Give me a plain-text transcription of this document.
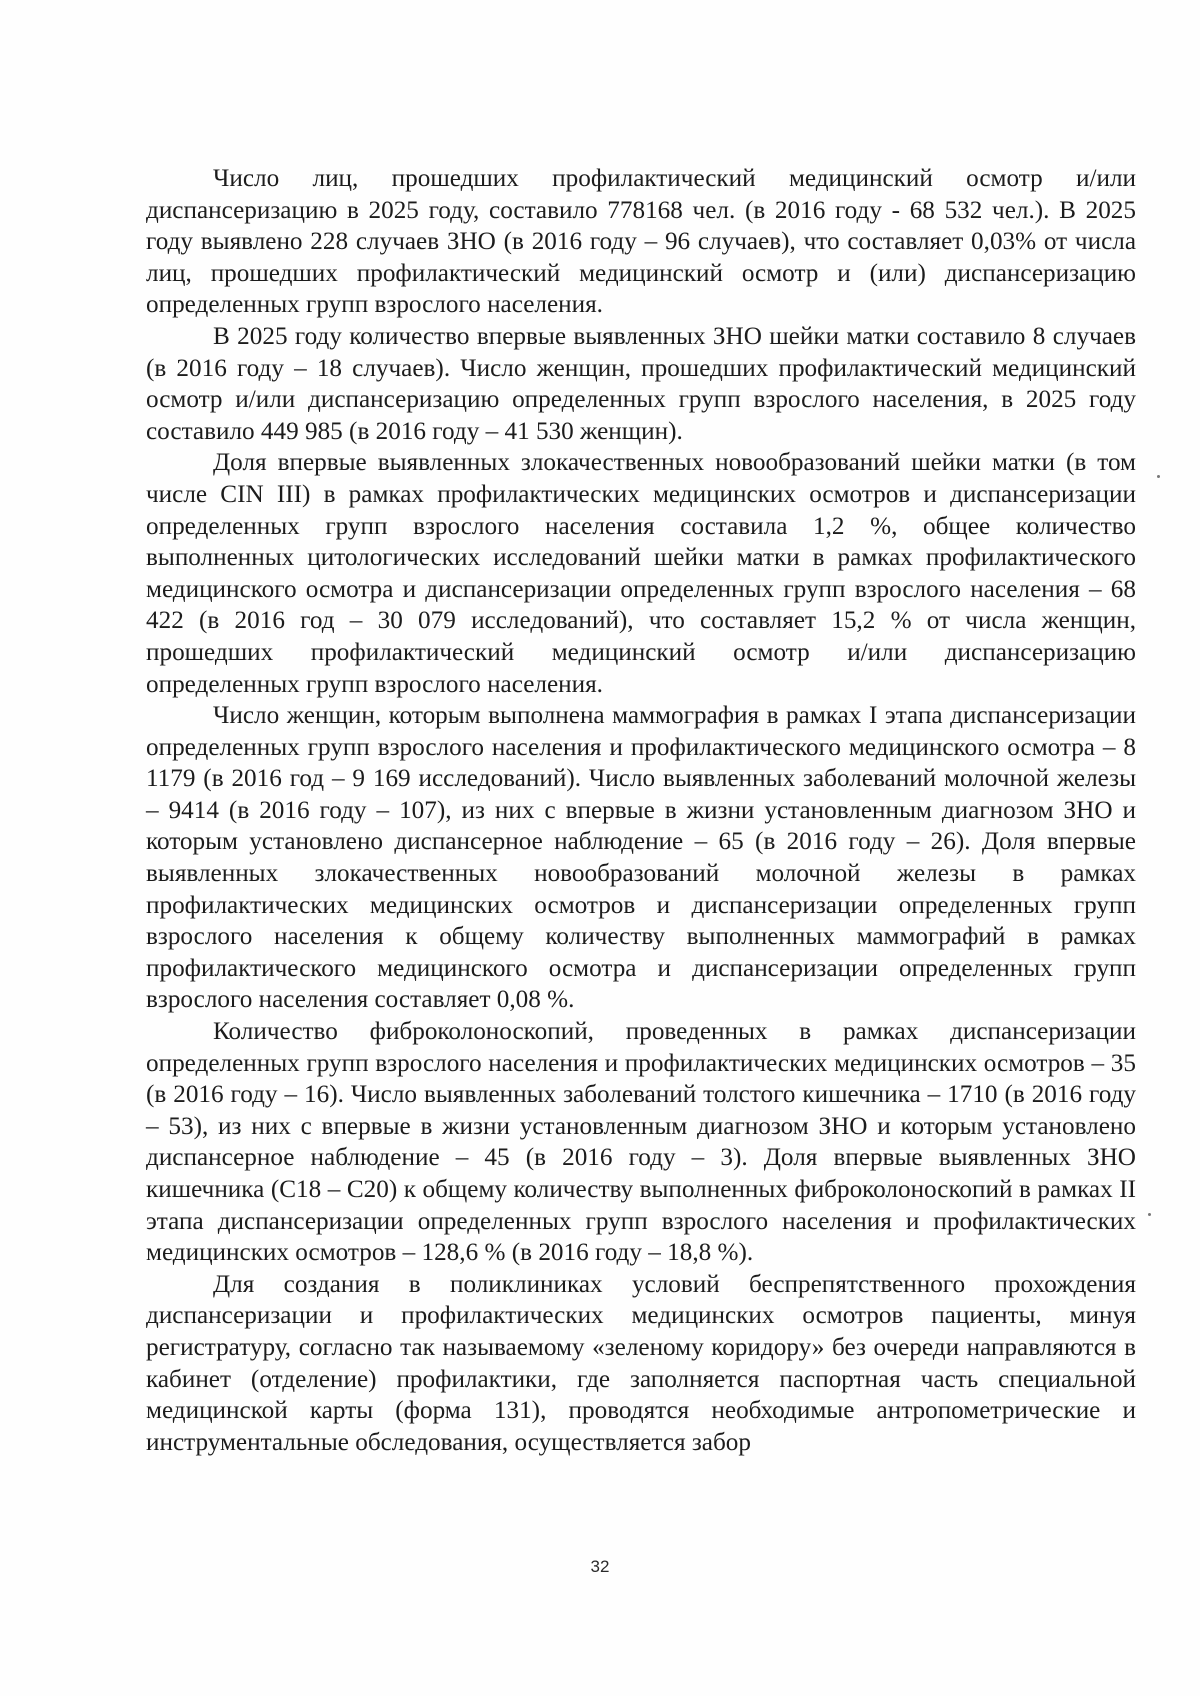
Число лиц, прошедших профилактический медицинский осмотр и/или диспансеризацию в 2025 году, составило 778168 чел. (в 2016 году - 68 532 чел.). В 2025 году выявлено 228 случаев ЗНО (в 2016 году – 96 случаев), что составляет 0,03% от числа лиц, прошедших профилактический медицинский осмотр и (или) диспансеризацию определенных групп взрослого населения.

В 2025 году количество впервые выявленных ЗНО шейки матки составило 8 случаев (в 2016 году – 18 случаев). Число женщин, прошедших профилактический медицинский осмотр и/или диспансеризацию определенных групп взрослого населения, в 2025 году составило 449 985 (в 2016 году – 41 530 женщин).

Доля впервые выявленных злокачественных новообразований шейки матки (в том числе CIN III) в рамках профилактических медицинских осмотров и диспансеризации определенных групп взрослого населения составила 1,2 %, общее количество выполненных цитологических исследований шейки матки в рамках профилактического медицинского осмотра и диспансеризации определенных групп взрослого населения – 68 422 (в 2016 год – 30 079 исследований), что составляет 15,2 % от числа женщин, прошедших профилактический медицинский осмотр и/или диспансеризацию определенных групп взрослого населения.

Число женщин, которым выполнена маммография в рамках I этапа диспансеризации определенных групп взрослого населения и профилактического медицинского осмотра – 8 1179 (в 2016 год – 9 169 исследований). Число выявленных заболеваний молочной железы – 9414 (в 2016 году – 107), из них с впервые в жизни установленным диагнозом ЗНО и которым установлено диспансерное наблюдение – 65 (в 2016 году – 26). Доля впервые выявленных злокачественных новообразований молочной железы в рамках профилактических медицинских осмотров и диспансеризации определенных групп взрослого населения к общему количеству выполненных маммографий в рамках профилактического медицинского осмотра и диспансеризации определенных групп взрослого населения составляет 0,08 %.

Количество фиброколоноскопий, проведенных в рамках диспансеризации определенных групп взрослого населения и профилактических медицинских осмотров – 35 (в 2016 году – 16). Число выявленных заболеваний толстого кишечника – 1710 (в 2016 году – 53), из них с впервые в жизни установленным диагнозом ЗНО и которым установлено диспансерное наблюдение – 45 (в 2016 году – 3). Доля впервые выявленных ЗНО кишечника (С18 – С20) к общему количеству выполненных фиброколоноскопий в рамках II этапа диспансеризации определенных групп взрослого населения и профилактических медицинских осмотров – 128,6 % (в 2016 году – 18,8 %).

Для создания в поликлиниках условий беспрепятственного прохождения диспансеризации и профилактических медицинских осмотров пациенты, минуя регистратуру, согласно так называемому «зеленому коридору» без очереди направляются в кабинет (отделение) профилактики, где заполняется паспортная часть специальной медицинской карты (форма 131), проводятся необходимые антропометрические и инструментальные обследования, осуществляется забор

32
